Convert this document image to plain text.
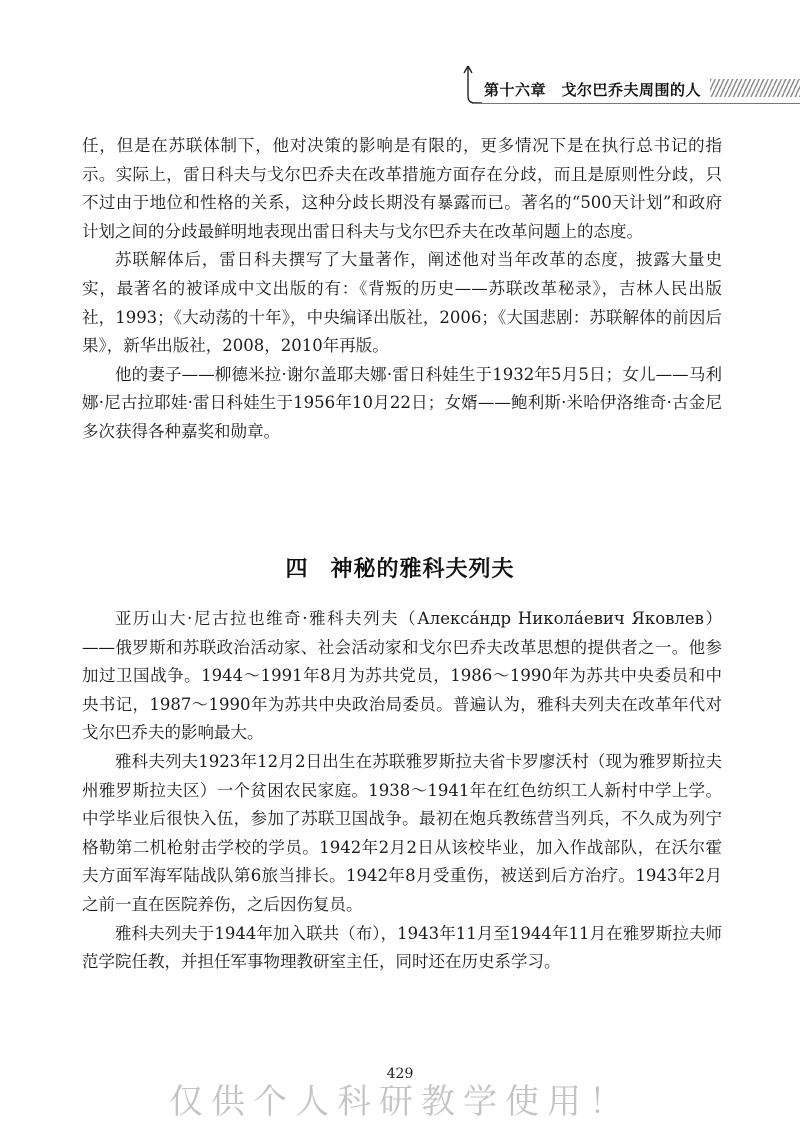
第十六章　戈尔巴乔夫周围的人

任，但是在苏联体制下，他对决策的影响是有限的，更多情况下是在执行总书记的指示。实际上，雷日科夫与戈尔巴乔夫在改革措施方面存在分歧，而且是原则性分歧，只不过由于地位和性格的关系，这种分歧长期没有暴露而已。著名的“500天计划”和政府计划之间的分歧最鲜明地表现出雷日科夫与戈尔巴乔夫在改革问题上的态度。

苏联解体后，雷日科夫撰写了大量著作，阐述他对当年改革的态度，披露大量史实，最著名的被译成中文出版的有：《背叛的历史——苏联改革秘录》，吉林人民出版社，1993；《大动荡的十年》，中央编译出版社，2006；《大国悲剧：苏联解体的前因后果》，新华出版社，2008，2010年再版。

他的妻子——柳德米拉·谢尔盖耶夫娜·雷日科娃生于1932年5月5日；女儿——马利娜·尼古拉耶娃·雷日科娃生于1956年10月22日；女婿——鲍利斯·米哈伊洛维奇·古金尼多次获得各种嘉奖和勋章。

四 神秘的雅科夫列夫

亚历山大·尼古拉也维奇·雅科夫列夫（Алекса́ндр Никола́евич Яковлев）——俄罗斯和苏联政治活动家、社会活动家和戈尔巴乔夫改革思想的提供者之一。他参加过卫国战争。1944～1991年8月为苏共党员，1986～1990年为苏共中央委员和中央书记，1987～1990年为苏共中央政治局委员。普遍认为，雅科夫列夫在改革年代对戈尔巴乔夫的影响最大。

雅科夫列夫1923年12月2日出生在苏联雅罗斯拉夫省卡罗廖沃村（现为雅罗斯拉夫州雅罗斯拉夫区）一个贫困农民家庭。1938～1941年在红色纺织工人新村中学上学。中学毕业后很快入伍，参加了苏联卫国战争。最初在炮兵教练营当列兵，不久成为列宁格勒第二机枪射击学校的学员。1942年2月2日从该校毕业，加入作战部队，在沃尔霍夫方面军海军陆战队第6旅当排长。1942年8月受重伤，被送到后方治疗。1943年2月之前一直在医院养伤，之后因伤复员。

雅科夫列夫于1944年加入联共（布），1943年11月至1944年11月在雅罗斯拉夫师范学院任教，并担任军事物理教研室主任，同时还在历史系学习。

429
仅供个人科研教学使用！
